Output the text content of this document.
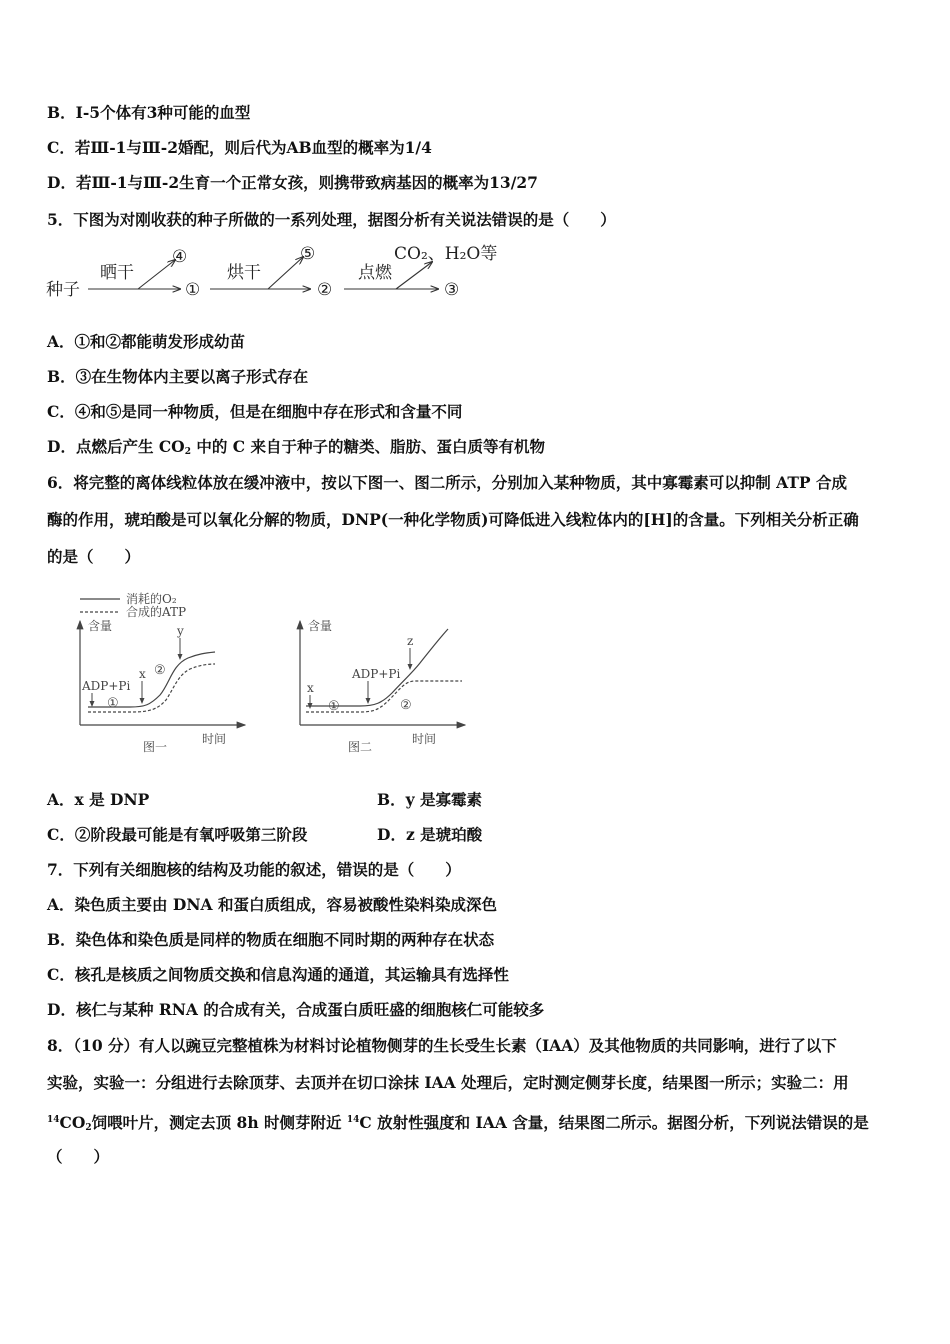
B．Ⅰ-5个体有3种可能的血型
C．若Ⅲ-1与Ⅲ-2婚配，则后代为AB血型的概率为1/4
D．若Ⅲ-1与Ⅲ-2生育一个正常女孩，则携带致病基因的概率为13/27
5．下图为对刚收获的种子所做的一系列处理，据图分析有关说法错误的是（　　）
种子
晒干	烘干	点燃
①	②	③
④	⑤	CO₂、H₂O等
A．①和②都能萌发形成幼苗
B．③在生物体内主要以离子形式存在
C．④和⑤是同一种物质，但是在细胞中存在形式和含量不同
D．点燃后产生 $CO_2$ 中的 C 来自于种子的糖类、脂肪、蛋白质等有机物
6．将完整的离体线粒体放在缓冲液中，按以下图一、图二所示，分别加入某种物质，其中寡霉素可以抑制 ATP 合成
酶的作用，琥珀酸是可以氧化分解的物质，DNP(一种化学物质)可降低进入线粒体内的[H]的含量。下列相关分析正确
的是（　　）
消耗的O₂
合成的ATP
含量
时间
图一
ADP+Pi
①
x ②
y	含量
时间
图二
x
①
ADP+Pi
②
z
A．x 是 DNP	B．y 是寡霉素
C．②阶段最可能是有氧呼吸第三阶段	D．z 是琥珀酸
7．下列有关细胞核的结构及功能的叙述，错误的是（　　）
A．染色质主要由 DNA 和蛋白质组成，容易被酸性染料染成深色
B．染色体和染色质是同样的物质在细胞不同时期的两种存在状态
C．核孔是核质之间物质交换和信息沟通的通道，其运输具有选择性
D．核仁与某种 RNA 的合成有关，合成蛋白质旺盛的细胞核仁可能较多
8．（10 分）有人以豌豆完整植株为材料讨论植物侧芽的生长受生长素（IAA）及其他物质的共同影响，进行了以下
实验，实验一：分组进行去除顶芽、去顶并在切口涂抹 IAA 处理后，定时测定侧芽长度，结果图一所示；实验二：用
$^{14}CO_2$饲喂叶片，测定去顶 8h 时侧芽附近 $^{14}$C 放射性强度和 IAA 含量，结果图二所示。据图分析，下列说法错误的是
（　　）
